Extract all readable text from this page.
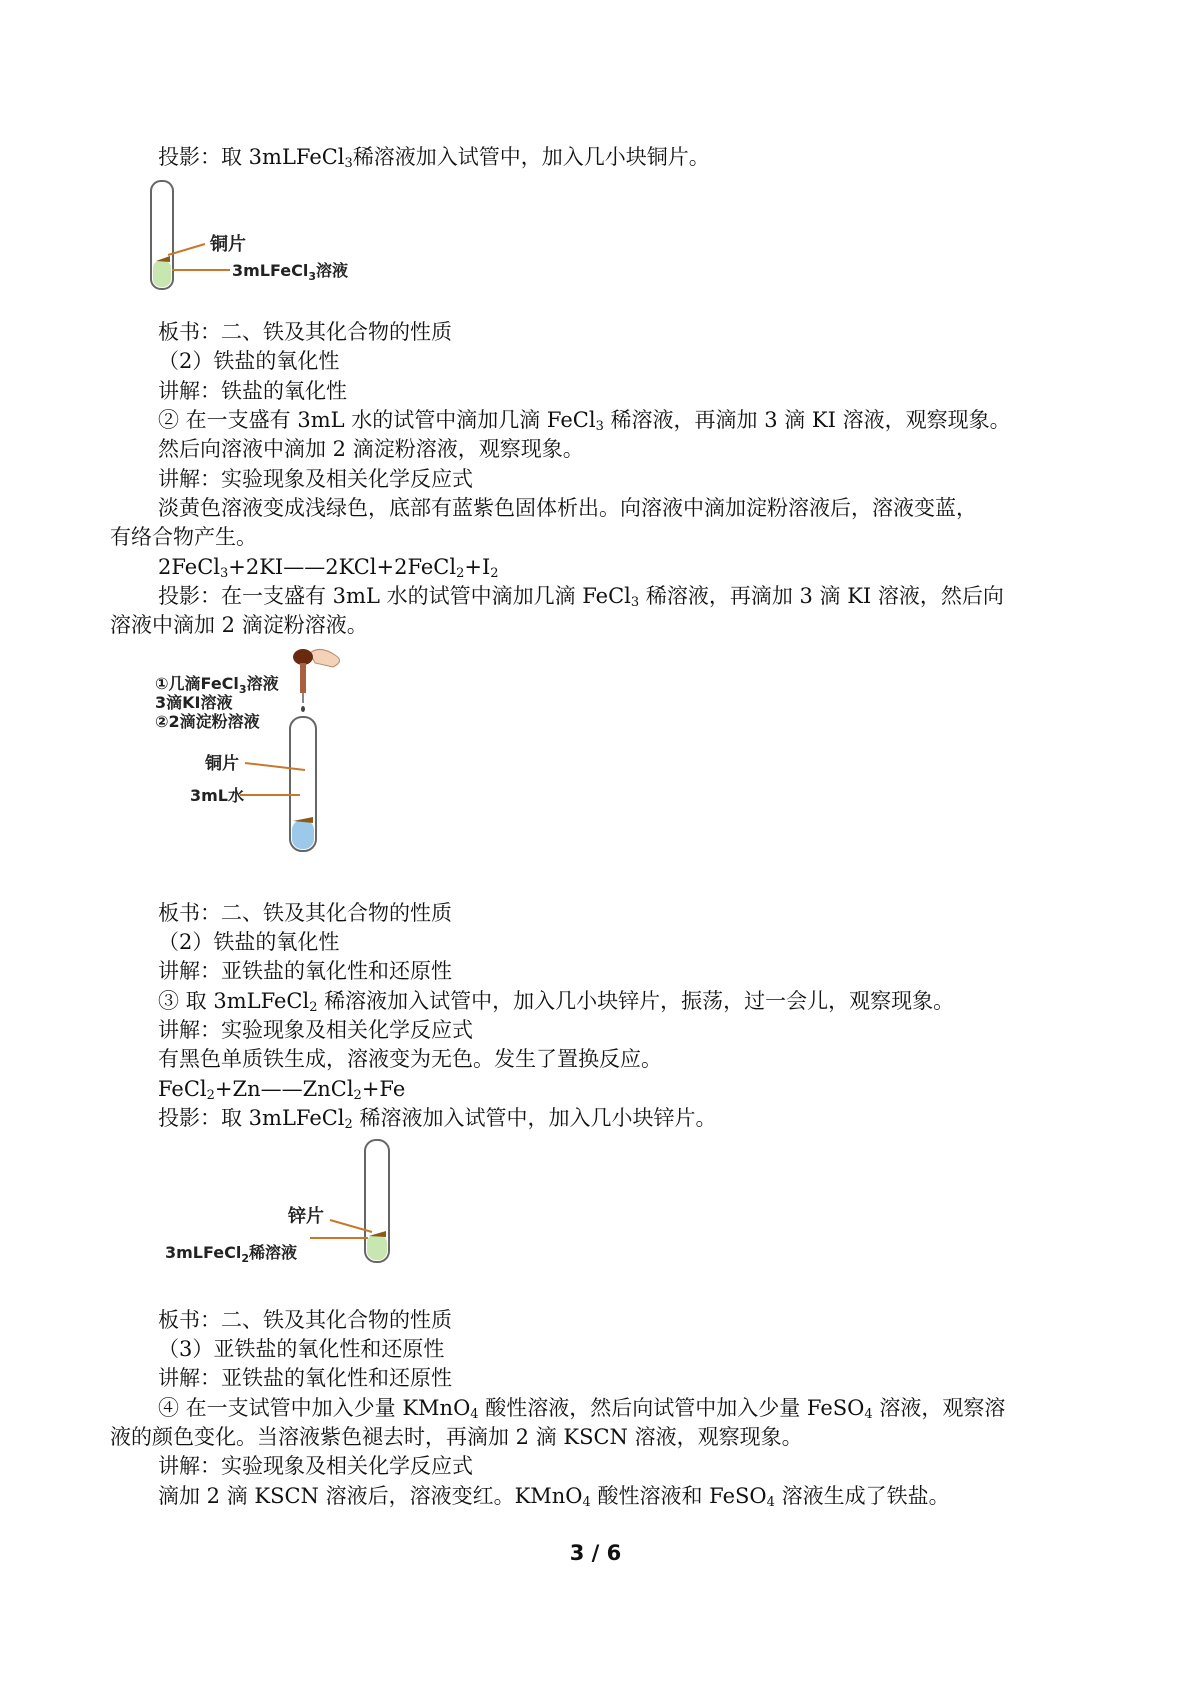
投影：取 3mLFeCl$_3$稀溶液加入试管中，加入几小块铜片。
铜片
3mLFeCl$_3$溶液
板书：二、铁及其化合物的性质
（2）铁盐的氧化性
讲解：铁盐的氧化性
② 在一支盛有 3mL 水的试管中滴加几滴 FeCl$_3$ 稀溶液，再滴加 3 滴 KI 溶液，观察现象。
然后向溶液中滴加 2 滴淀粉溶液，观察现象。
讲解：实验现象及相关化学反应式
淡黄色溶液变成浅绿色，底部有蓝紫色固体析出。向溶液中滴加淀粉溶液后，溶液变蓝，
有络合物产生。
$2FeCl_3+2KI——2KCl+2FeCl_2+I_2$
投影：在一支盛有 3mL 水的试管中滴加几滴 FeCl$_3$ 稀溶液，再滴加 3 滴 KI 溶液，然后向
溶液中滴加 2 滴淀粉溶液。
①几滴FeCl$_3$溶液
3滴KI溶液
②2滴淀粉溶液
铜片
3mL水
板书：二、铁及其化合物的性质
（2）铁盐的氧化性
讲解：亚铁盐的氧化性和还原性
③ 取 3mLFeCl$_2$ 稀溶液加入试管中，加入几小块锌片，振荡，过一会儿，观察现象。
讲解：实验现象及相关化学反应式
有黑色单质铁生成，溶液变为无色。发生了置换反应。
FeCl$_2$+Zn——ZnCl$_2$+Fe
投影：取 3mLFeCl$_2$ 稀溶液加入试管中，加入几小块锌片。
锌片
3mLFeCl$_2$稀溶液
板书：二、铁及其化合物的性质
（3）亚铁盐的氧化性和还原性
讲解：亚铁盐的氧化性和还原性
④ 在一支试管中加入少量 KMnO$_4$ 酸性溶液，然后向试管中加入少量 FeSO$_4$ 溶液，观察溶
液的颜色变化。当溶液紫色褪去时，再滴加 2 滴 KSCN 溶液，观察现象。
讲解：实验现象及相关化学反应式
滴加 2 滴 KSCN 溶液后，溶液变红。KMnO$_4$ 酸性溶液和 FeSO$_4$ 溶液生成了铁盐。
3 / 6
